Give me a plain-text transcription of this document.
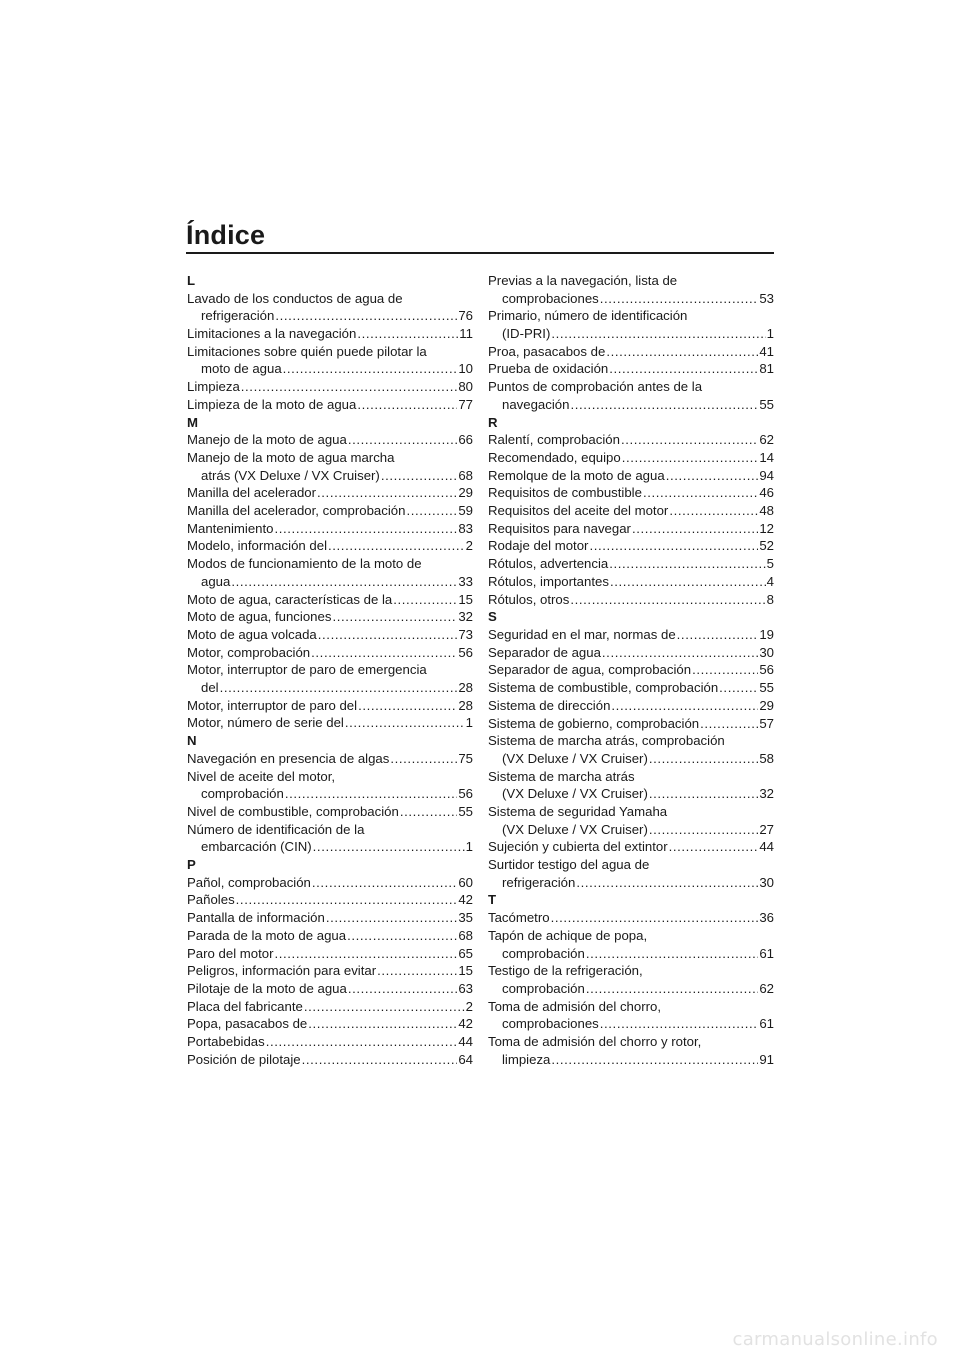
Índice
L
Lavado de los conductos de agua de
refrigeración .....	76
Limitaciones a la navegación .....	11
Limitaciones sobre quién puede pilotar la
moto de agua .....	10
Limpieza .....	80
Limpieza de la moto de agua .....	77
M
Manejo de la moto de agua .....	66
Manejo de la moto de agua marcha
atrás (VX Deluxe / VX Cruiser) .....	68
Manilla del acelerador .....	29
Manilla del acelerador, comprobación .....	59
Mantenimiento .....	83
Modelo, información del .....	2
Modos de funcionamiento de la moto de
agua .....	33
Moto de agua, características de la .....	15
Moto de agua, funciones .....	32
Moto de agua volcada .....	73
Motor, comprobación .....	56
Motor, interruptor de paro de emergencia
del .....	28
Motor, interruptor de paro del .....	28
Motor, número de serie del .....	1
N
Navegación en presencia de algas .....	75
Nivel de aceite del motor,
comprobación .....	56
Nivel de combustible, comprobación .....	55
Número de identificación de la
embarcación (CIN) .....	1
P
Pañol, comprobación .....	60
Pañoles .....	42
Pantalla de información .....	35
Parada de la moto de agua .....	68
Paro del motor .....	65
Peligros, información para evitar .....	15
Pilotaje de la moto de agua .....	63
Placa del fabricante .....	2
Popa, pasacabos de .....	42
Portabebidas .....	44
Posición de pilotaje .....	64
Previas a la navegación, lista de
comprobaciones .....	53
Primario, número de identificación
(ID-PRI) .....	1
Proa, pasacabos de .....	41
Prueba de oxidación .....	81
Puntos de comprobación antes de la
navegación .....	55
R
Ralentí, comprobación .....	62
Recomendado, equipo .....	14
Remolque de la moto de agua .....	94
Requisitos de combustible .....	46
Requisitos del aceite del motor .....	48
Requisitos para navegar .....	12
Rodaje del motor .....	52
Rótulos, advertencia .....	5
Rótulos, importantes .....	4
Rótulos, otros .....	8
S
Seguridad en el mar, normas de .....	19
Separador de agua .....	30
Separador de agua, comprobación .....	56
Sistema de combustible, comprobación .....	55
Sistema de dirección .....	29
Sistema de gobierno, comprobación .....	57
Sistema de marcha atrás, comprobación
(VX Deluxe / VX Cruiser) .....	58
Sistema de marcha atrás
(VX Deluxe / VX Cruiser) .....	32
Sistema de seguridad Yamaha
(VX Deluxe / VX Cruiser) .....	27
Sujeción y cubierta del extintor .....	44
Surtidor testigo del agua de
refrigeración .....	30
T
Tacómetro .....	36
Tapón de achique de popa,
comprobación .....	61
Testigo de la refrigeración,
comprobación .....	62
Toma de admisión del chorro,
comprobaciones .....	61
Toma de admisión del chorro y rotor,
limpieza .....	91
carmanualsonline.info
